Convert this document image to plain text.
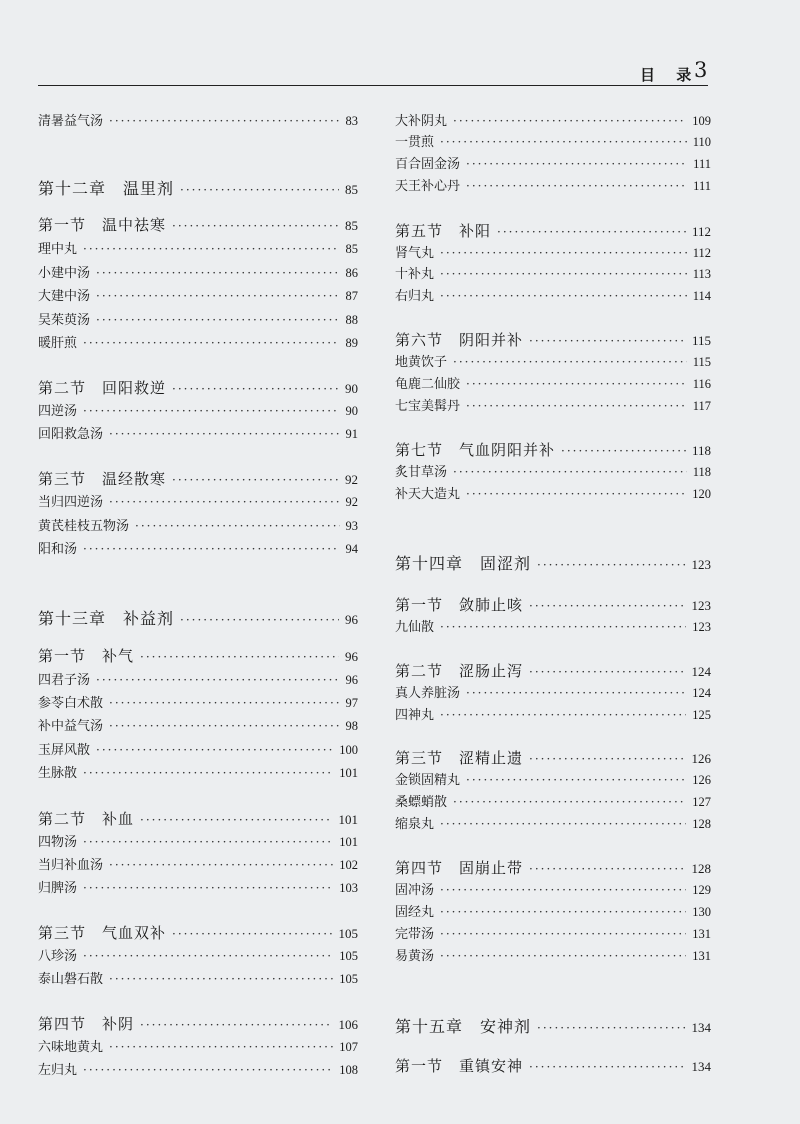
目 录
3
清暑益气汤 ·····	83
第十二章　温里剂 ·····	85
第一节　温中祛寒 ·····	85
理中丸 ·····	85
小建中汤 ·····	86
大建中汤 ·····	87
吴茱萸汤 ·····	88
暖肝煎 ·····	89
第二节　回阳救逆 ·····	90
四逆汤 ·····	90
回阳救急汤 ·····	91
第三节　温经散寒 ·····	92
当归四逆汤 ·····	92
黄芪桂枝五物汤 ·····	93
阳和汤 ·····	94
第十三章　补益剂 ·····	96
第一节　补气 ·····	96
四君子汤 ·····	96
参苓白术散 ·····	97
补中益气汤 ·····	98
玉屏风散 ·····	100
生脉散 ·····	101
第二节　补血 ·····	101
四物汤 ·····	101
当归补血汤 ·····	102
归脾汤 ·····	103
第三节　气血双补 ·····	105
八珍汤 ·····	105
泰山磐石散 ·····	105
第四节　补阴 ·····	106
六味地黄丸 ·····	107
左归丸 ·····	108
大补阴丸 ·····	109
一贯煎 ·····	110
百合固金汤 ·····	111
天王补心丹 ·····	111
第五节　补阳 ·····	112
肾气丸 ·····	112
十补丸 ·····	113
右归丸 ·····	114
第六节　阴阳并补 ·····	115
地黄饮子 ·····	115
龟鹿二仙胶 ·····	116
七宝美髯丹 ·····	117
第七节　气血阴阳并补 ·····	118
炙甘草汤 ·····	118
补天大造丸 ·····	120
第十四章　固涩剂 ·····	123
第一节　敛肺止咳 ·····	123
九仙散 ·····	123
第二节　涩肠止泻 ·····	124
真人养脏汤 ·····	124
四神丸 ·····	125
第三节　涩精止遗 ·····	126
金锁固精丸 ·····	126
桑螵蛸散 ·····	127
缩泉丸 ·····	128
第四节　固崩止带 ·····	128
固冲汤 ·····	129
固经丸 ·····	130
完带汤 ·····	131
易黄汤 ·····	131
第十五章　安神剂 ·····	134
第一节　重镇安神 ·····	134
